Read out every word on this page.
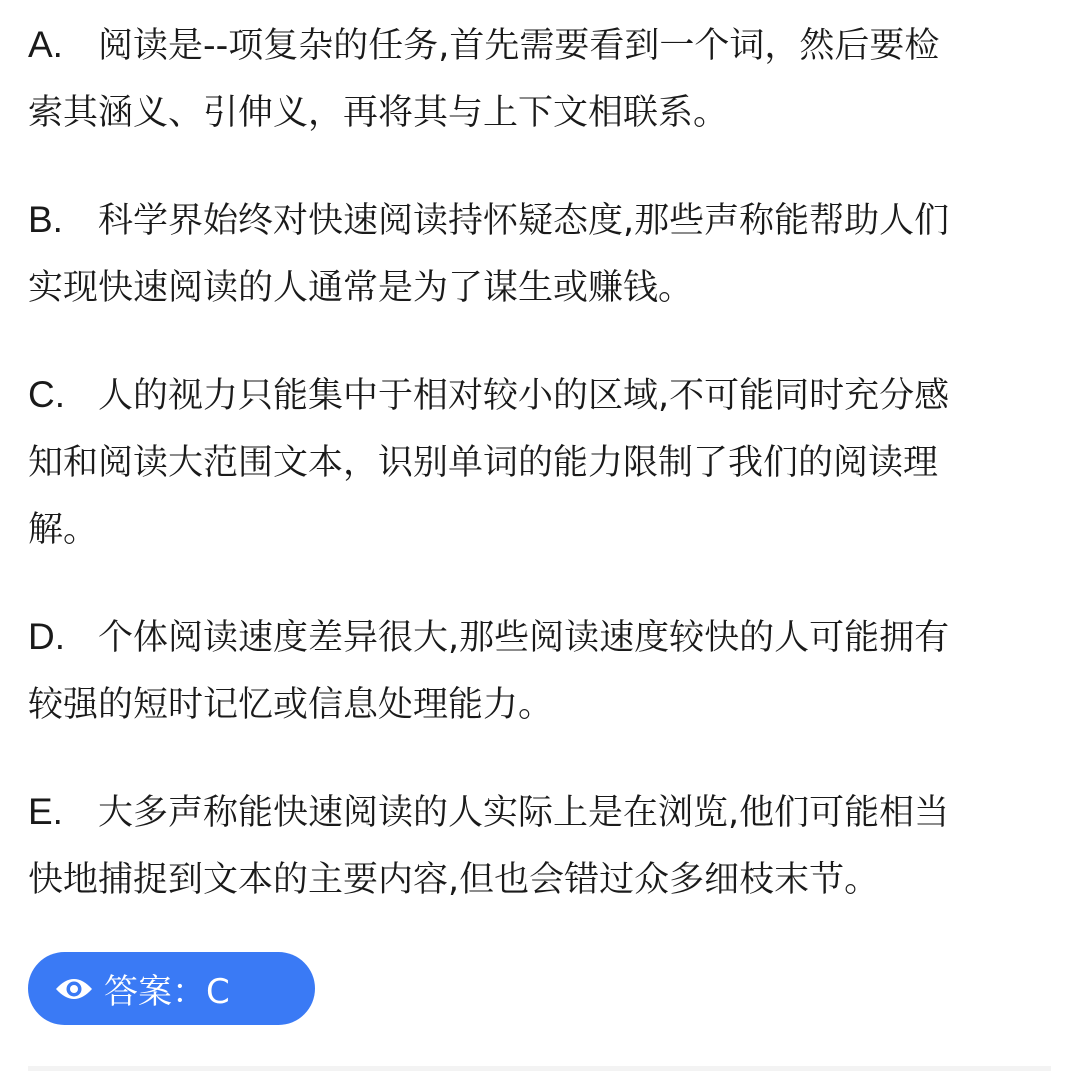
A. 阅读是--项复杂的任务,首先需要看到一个词，然后要检
索其涵义、引伸义，再将其与上下文相联系。
B. 科学界始终对快速阅读持怀疑态度,那些声称能帮助人们
实现快速阅读的人通常是为了谋生或赚钱。
C. 人的视力只能集中于相对较小的区域,不可能同时充分感
知和阅读大范围文本，识别单词的能力限制了我们的阅读理
解。
D. 个体阅读速度差异很大,那些阅读速度较快的人可能拥有
较强的短时记忆或信息处理能力。
E. 大多声称能快速阅读的人实际上是在浏览,他们可能相当
快地捕捉到文本的主要内容,但也会错过众多细枝末节。
答案：C
